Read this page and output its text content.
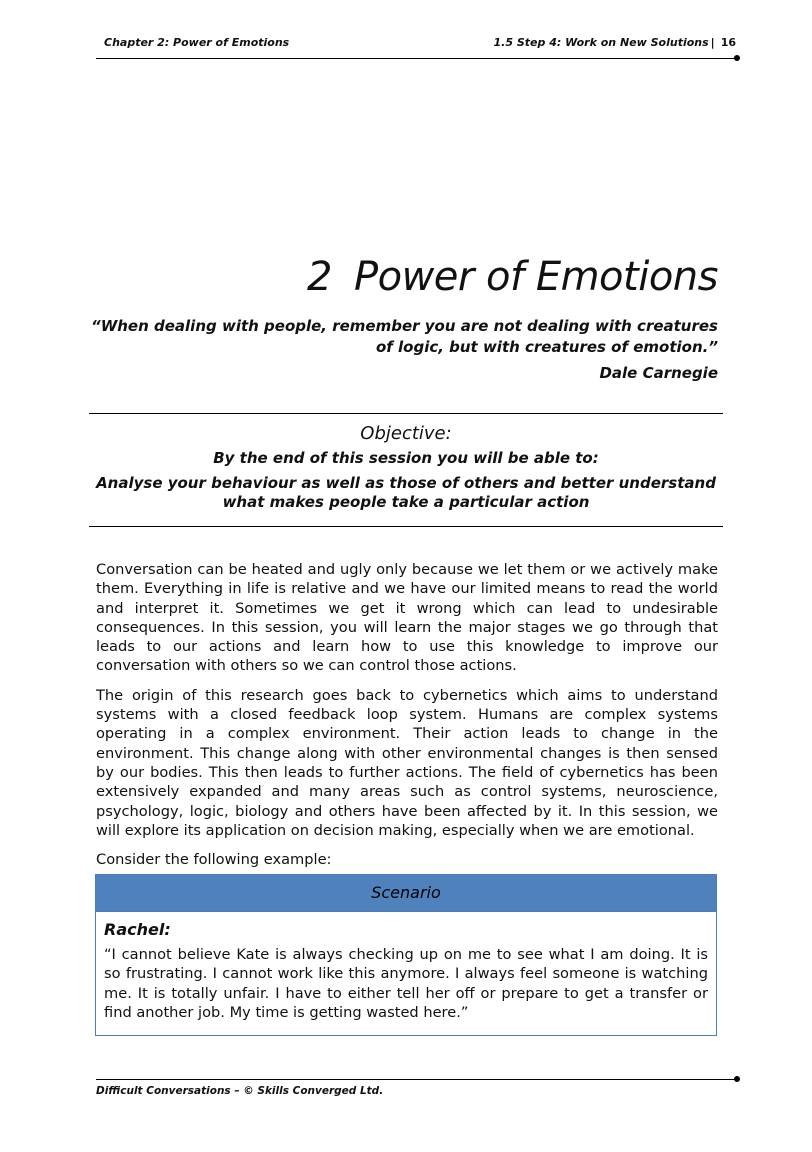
Chapter 2: Power of Emotions	1.5 Step 4: Work on New Solutions | 16
2 Power of Emotions
“When dealing with people, remember you are not dealing with creatures of logic, but with creatures of emotion.”
Dale Carnegie
Objective:
By the end of this session you will be able to:
Analyse your behaviour as well as those of others and better understand what makes people take a particular action

Conversation can be heated and ugly only because we let them or we actively make them. Everything in life is relative and we have our limited means to read the world and interpret it. Sometimes we get it wrong which can lead to undesirable consequences. In this session, you will learn the major stages we go through that leads to our actions and learn how to use this knowledge to improve our conversation with others so we can control those actions.

The origin of this research goes back to cybernetics which aims to understand systems with a closed feedback loop system. Humans are complex systems operating in a complex environment. Their action leads to change in the environment. This change along with other environmental changes is then sensed by our bodies. This then leads to further actions. The field of cybernetics has been extensively expanded and many areas such as control systems, neuroscience, psychology, logic, biology and others have been affected by it. In this session, we will explore its application on decision making, especially when we are emotional.

Consider the following example:

Scenario
Rachel:
“I cannot believe Kate is always checking up on me to see what I am doing. It is so frustrating. I cannot work like this anymore. I always feel someone is watching me. It is totally unfair. I have to either tell her off or prepare to get a transfer or find another job. My time is getting wasted here.”
Difficult Conversations – © Skills Converged Ltd.
